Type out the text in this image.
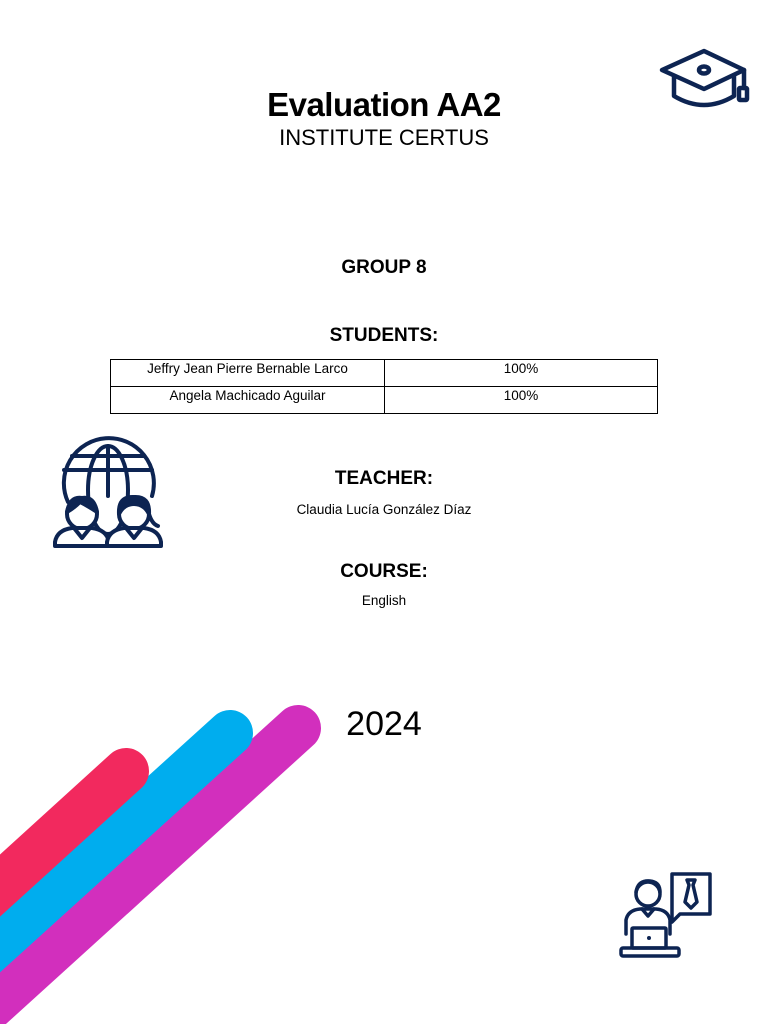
Evaluation AA2
INSTITUTE CERTUS
GROUP 8
STUDENTS:
Jeffry Jean Pierre Bernable Larco	100%
Angela Machicado Aguilar	100%
TEACHER:
Claudia Lucía González Díaz
COURSE:
English
2024
